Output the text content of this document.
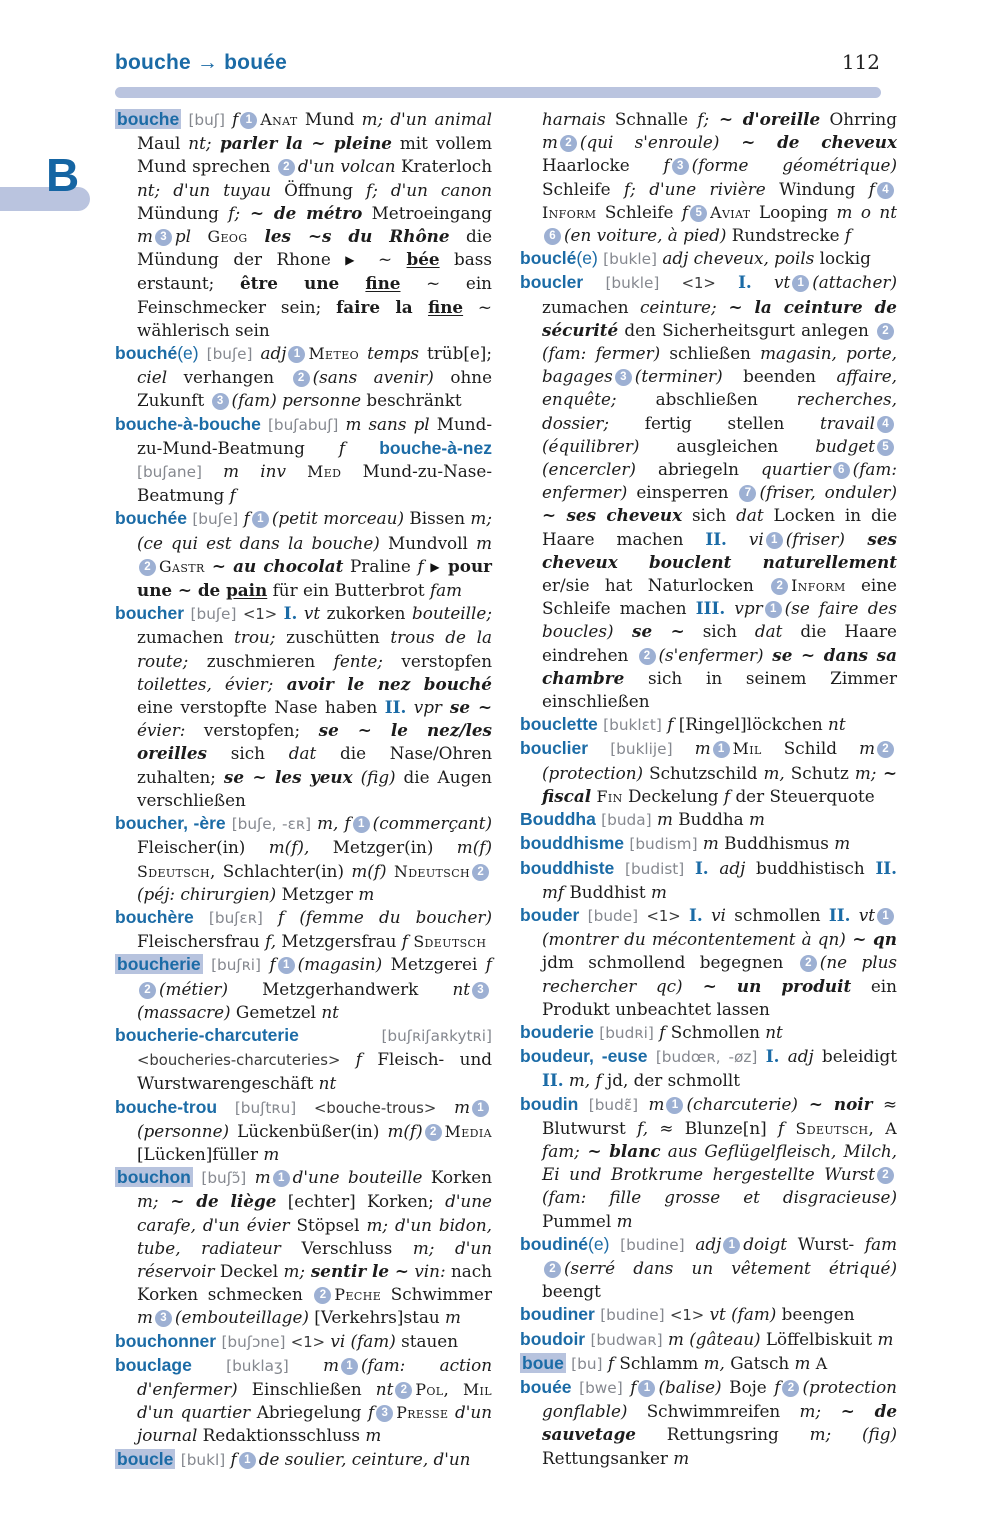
bouche → bouée	112
B

bouche [buʃ] f 1 Anat Mund m; d'un animal Maul nt; parler la ~ pleine mit vollem Mund sprechen 2 d'un volcan Kraterloch nt; d'un tuyau Öffnung f; d'un canon Mündung f; ~ de métro Metroeingang m 3 pl Geog les ~s du Rhône die Mündung der Rhone ▶ ~ bée bass erstaunt; être une fine ~ ein Feinschmecker sein; faire la fine ~ wählerisch sein

bouché(e) [buʃe] adj 1 Meteo temps trüb[e]; ciel verhangen 2 (sans avenir) ohne Zukunft 3 (fam) personne beschränkt

bouche-à-bouche [buʃabuʃ] m sans pl Mund-zu-Mund-Beatmung f bouche-à-nez [buʃane] m inv Med Mund-zu-Nase-Beatmung f

bouchée [buʃe] f 1 (petit morceau) Bissen m; (ce qui est dans la bouche) Mundvoll m2 Gastr ~ au chocolat Praline f ▶ pour une ~ de pain für ein Butterbrot fam

boucher [buʃe] <1> I. vt zukorken bouteille; zumachen trou; zuschütten trous de la route; zuschmieren fente; verstopfen toilettes, évier; avoir le nez bouché eine verstopfte Nase haben II. vpr se ~ évier: verstopfen; se ~ le nez/les oreilles sich dat die Nase/Ohren zuhalten; se ~ les yeux (fig) die Augen verschließen

boucher, -ère [buʃe, -ɛʀ] m, f 1 (commerçant) Fleischer(in) m(f), Metzger(in) m(f) Sdeutsch, Schlachter(in) m(f) Ndeutsch 2(péj: chirurgien) Metzger m

bouchère [buʃɛʀ] f (femme du boucher) Fleischersfrau f, Metzgersfrau f Sdeutsch

boucherie [buʃʀi] f 1 (magasin) Metzgerei f2 (métier) Metzgerhandwerk nt 3(massacre) Gemetzel nt

boucherie-charcuterie	[buʃʀiʃaʀkytʀi] <boucheries-charcuteries> f Fleisch- und Wurstwarengeschäft nt

bouche-trou [buʃtʀu] <bouche-trous> m 1(personne) Lückenbüßer(in) m(f) 2 Media [Lücken]füller m

bouchon [buʃɔ̃] m 1 d'une bouteille Korken m; ~ de liège [echter] Korken; d'une carafe, d'un évier Stöpsel m; d'un bidon, tube, radiateur Verschluss m; d'un réservoir Deckel m; sentir le ~ vin: nach Korken schmecken 2 Peche Schwimmer m 3 (embouteillage) [Verkehrs]stau m

bouchonner [buʃɔne] <1> vi (fam) stauen

bouclage [buklaʒ] m 1 (fam: action d'enfermer) Einschließen nt 2 Pol, Mil d'un quartier Abriegelung f 3 Presse d'un journal Redaktionsschluss m

boucle [bukl] f 1 de soulier, ceinture, d'un

harnais Schnalle f; ~ d'oreille Ohrring m 2 (qui s'enroule) ~ de cheveux Haarlocke f 3 (forme géométrique) Schleife f; d'une rivière Windung f 4Inform Schleife f 5 Aviat Looping m o nt6 (en voiture, à pied) Rundstrecke f

bouclé(e) [bukle] adj cheveux, poils lockig

boucler [bukle] <1> I. vt 1 (attacher) zumachen ceinture; ~ la ceinture de sécurité den Sicherheitsgurt anlegen 2(fam: fermer) schließen magasin, porte, bagages 3 (terminer) beenden affaire, enquête; abschließen recherches, dossier; fertig stellen travail 4(équilibrer) ausgleichen budget 5(encercler) abriegeln quartier 6 (fam: enfermer) einsperren 7 (friser, onduler) ~ ses cheveux sich dat Locken in die Haare machen II. vi 1 (friser) ses cheveux bouclent naturellement er/sie hat Naturlocken 2 Inform eine Schleife machen III. vpr 1 (se faire des boucles) se ~ sich dat die Haare eindrehen 2 (s'enfermer) se ~ dans sa chambre sich in seinem Zimmer einschließen

bouclette [buklɛt] f [Ringel]löckchen nt

bouclier [buklije] m 1 Mil Schild m 2(protection) Schutzschild m, Schutz m; ~ fiscal Fin Deckelung f der Steuerquote

Bouddha [buda] m Buddha m

bouddhisme [budism] m Buddhismus m

bouddhiste [budist] I. adj buddhistisch II. mf Buddhist m

bouder [bude] <1> I. vi schmollen II. vt 1(montrer du mécontentement à qn) ~ qn jdm schmollend begegnen 2 (ne plus rechercher qc) ~ un produit ein Produkt unbeachtet lassen

bouderie [budʀi] f Schmollen nt

boudeur, -euse [budœʀ, -øz] I. adj beleidigt II. m, f jd, der schmollt

boudin [budɛ̃] m 1 (charcuterie) ~ noir ≈ Blutwurst f, ≈ Blunze[n] f Sdeutsch, A fam; ~ blanc aus Geflügelfleisch, Milch, Ei und Brotkrume hergestellte Wurst 2(fam: fille grosse et disgracieuse) Pummel m

boudiné(e) [budine] adj 1 doigt Wurst- fam2 (serré dans un vêtement étriqué) beengt

boudiner [budine] <1> vt (fam) beengen

boudoir [budwaʀ] m (gâteau) Löffelbiskuit m

boue [bu] f Schlamm m, Gatsch m A

bouée [bwe] f 1 (balise) Boje f 2 (protection gonflable) Schwimmreifen m; ~ de sauvetage Rettungsring m; (fig) Rettungsanker m
